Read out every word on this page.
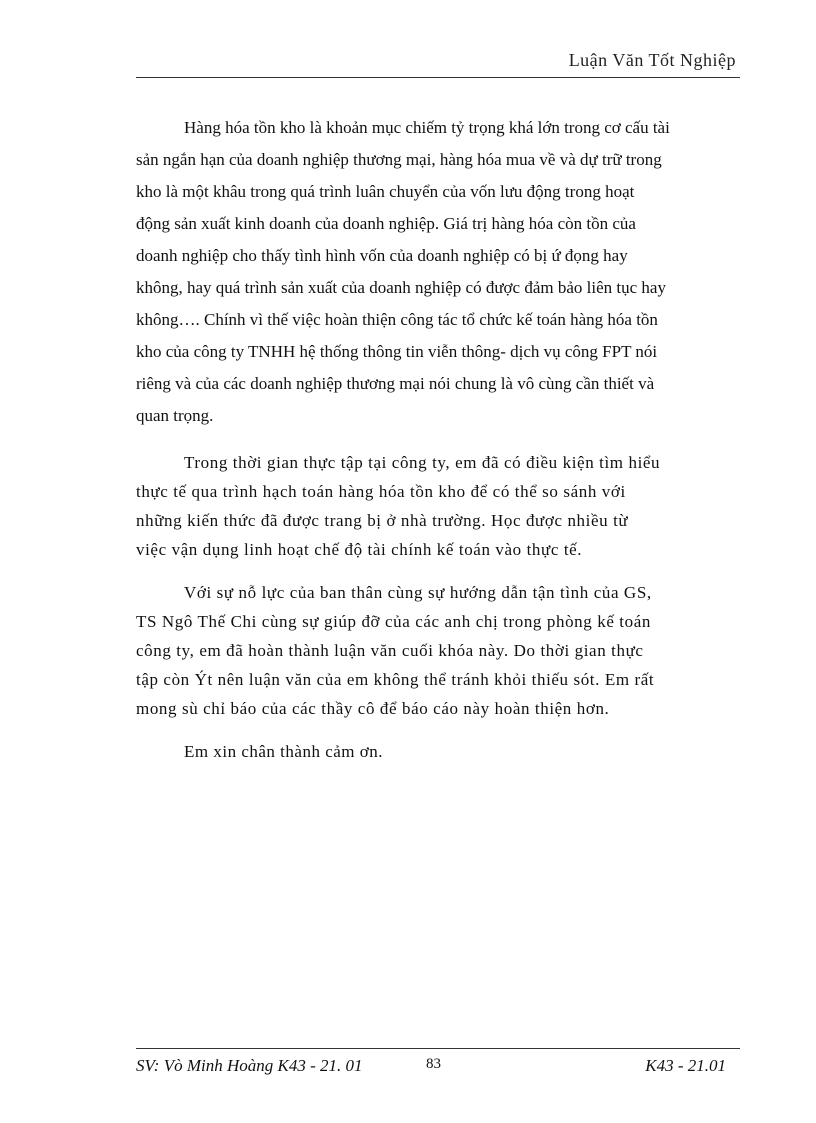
Luận Văn Tốt Nghiệp

Hàng hóa tồn kho là khoản mục chiếm tỷ trọng khá lớn trong cơ cấu tài
sản ngắn hạn của doanh nghiệp thương mại, hàng hóa mua về và dự trữ trong
kho là một khâu trong quá trình luân chuyển của vốn lưu động trong hoạt
động sản xuất kinh doanh của doanh nghiệp. Giá trị hàng hóa còn tồn của
doanh nghiệp cho thấy tình hình vốn của doanh nghiệp có bị ứ đọng hay
không, hay quá trình sản xuất của doanh nghiệp có được đảm bảo liên tục hay
không…. Chính vì thế việc hoàn thiện công tác tổ chức kế toán hàng hóa tồn
kho của công ty TNHH hệ thống thông tin viễn thông- dịch vụ công FPT nói
riêng và của các doanh nghiệp thương mại nói chung là vô cùng cần thiết và
quan trọng.

Trong thời gian thực tập tại công ty, em đã có điều kiện tìm hiểu
thực tế qua trình hạch toán hàng hóa tồn kho để có thể so sánh với
những kiến thức đã được trang bị ở nhà trường. Học được nhiều từ
việc vận dụng linh hoạt chế độ tài chính kế toán vào thực tế.

Với sự nỗ lực của ban thân cùng sự hướng dẫn tận tình của GS,
TS Ngô Thế Chi cùng sự giúp đỡ của các anh chị trong phòng kế toán
công ty, em đã hoàn thành luận văn cuối khóa này. Do thời gian thực
tập còn Ýt nên luận văn của em không thể tránh khỏi thiếu sót. Em rất
mong sù chỉ báo của các thầy cô để báo cáo này hoàn thiện hơn.

Em xin chân thành cảm ơn.

SV: Vò Minh Hoàng K43 - 21. 01	83	K43 - 21.01
